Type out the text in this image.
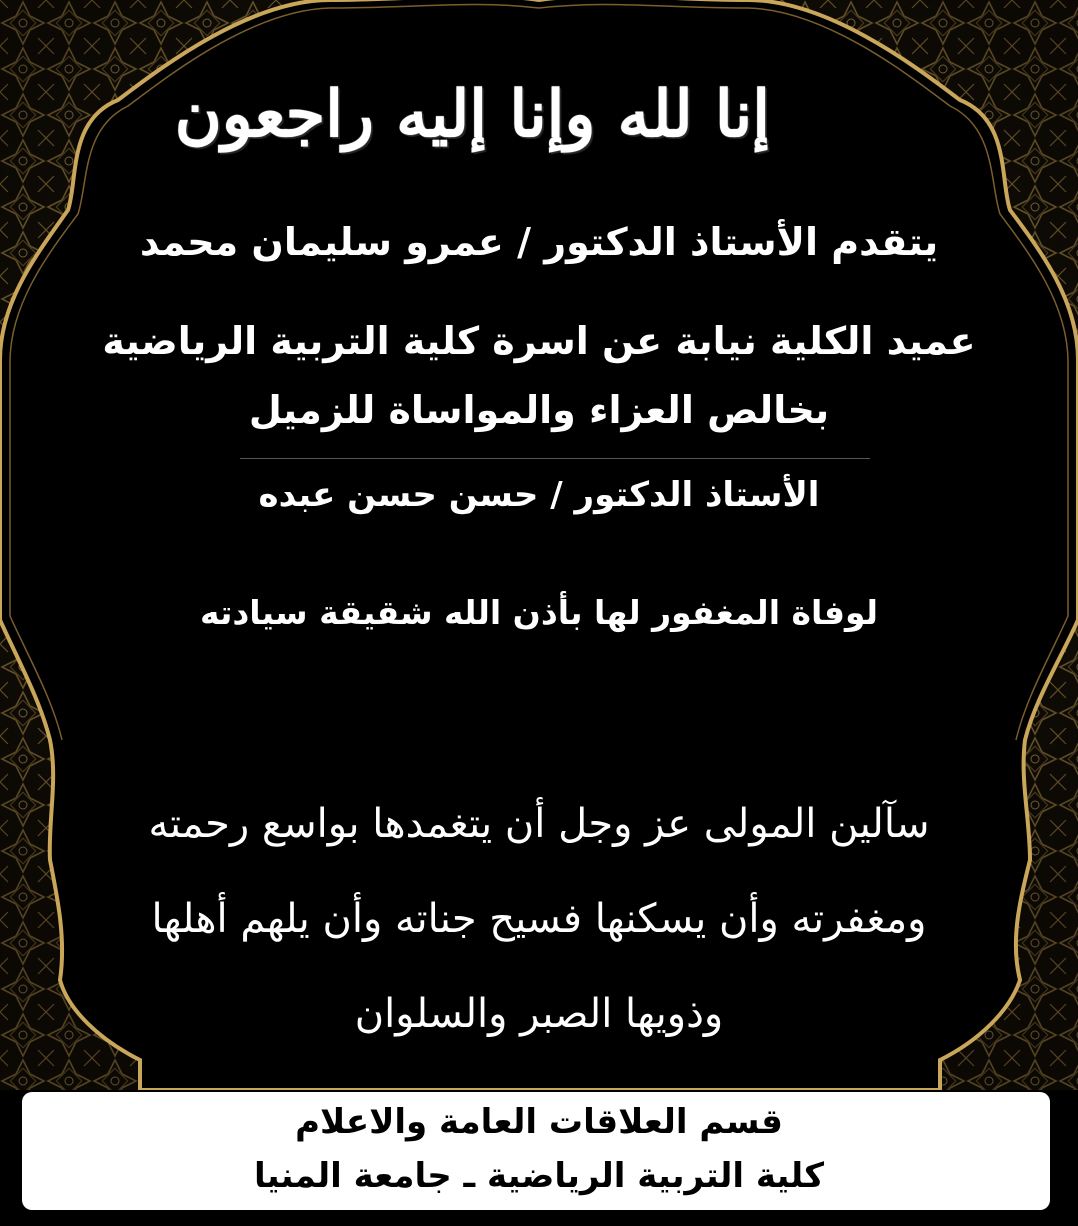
إنا لله وإنا إليه راجعون

يتقدم الأستاذ الدكتور / عمرو سليمان محمد

عميد الكلية نيابة عن اسرة كلية التربية الرياضية

بخالص العزاء والمواساة للزميل

الأستاذ الدكتور / حسن حسن عبده

لوفاة المغفور لها بأذن الله شقيقة سيادته

سآلين المولى عز وجل أن يتغمدها بواسع رحمته

ومغفرته وأن يسكنها فسيح جناته وأن يلهم أهلها

وذويها الصبر والسلوان

قسم العلاقات العامة والاعلام

كلية التربية الرياضية ـ جامعة المنيا
